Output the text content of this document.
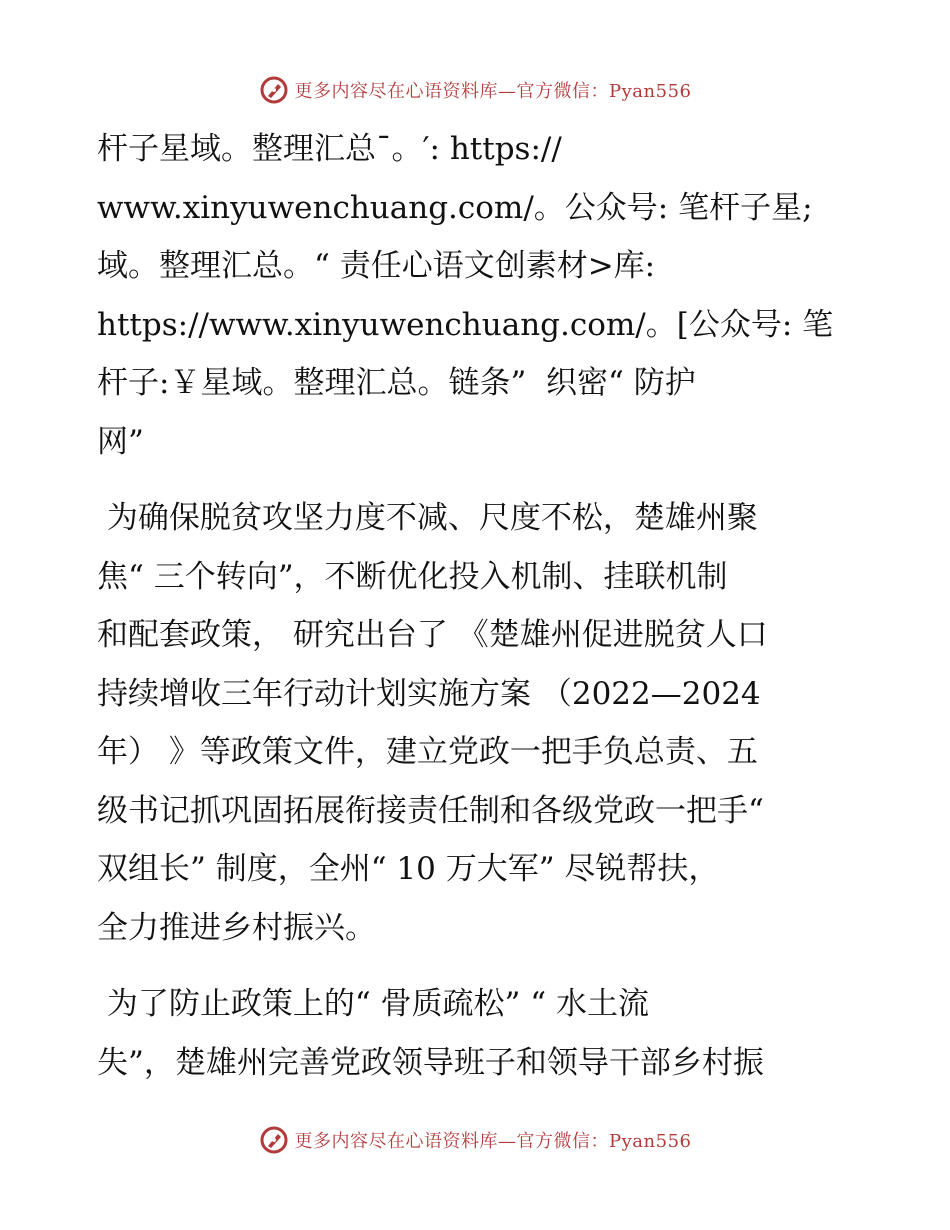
更多内容尽在心语资料库—官方微信：Pyan556

杆子星域。整理汇总¯。′: https://
www.xinyuwenchuang.com/。公众号: 笔杆子星;
域。整理汇总。“ 责任心语文创素材>库:
https://www.xinyuwenchuang.com/。[公众号: 笔
杆子:￥星域。整理汇总。链条”  织密“ 防护
网”

为确保脱贫攻坚力度不减、尺度不松，楚雄州聚
焦“ 三个转向”，不断优化投入机制、挂联机制
和配套政策， 研究出台了 《楚雄州促进脱贫人口
持续增收三年行动计划实施方案 （2022—2024
年） 》等政策文件，建立党政一把手负总责、五
级书记抓巩固拓展衔接责任制和各级党政一把手“
双组长” 制度，全州“ 10 万大军” 尽锐帮扶，
全力推进乡村振兴。

为了防止政策上的“ 骨质疏松” “ 水土流
失”，楚雄州完善党政领导班子和领导干部乡村振

更多内容尽在心语资料库—官方微信：Pyan556
